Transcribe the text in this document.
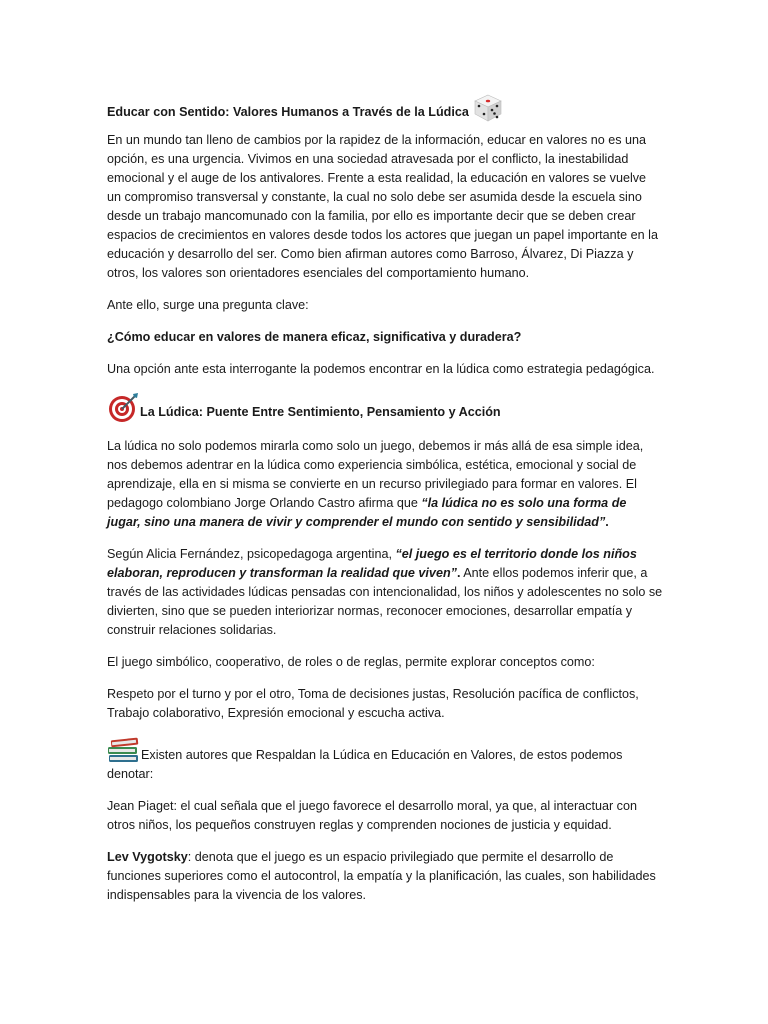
Educar con Sentido: Valores Humanos a Través de la Lúdica

En un mundo tan lleno de cambios por la rapidez de la información, educar en valores no es una opción, es una urgencia. Vivimos en una sociedad atravesada por el conflicto, la inestabilidad emocional y el auge de los antivalores. Frente a esta realidad, la educación en valores se vuelve un compromiso transversal y constante, la cual no solo debe ser asumida desde la escuela sino desde un trabajo mancomunado con la familia, por ello es importante decir que se deben crear espacios de crecimientos en valores desde todos los actores que juegan un papel importante en la educación y desarrollo del ser. Como bien afirman autores como Barroso, Álvarez, Di Piazza y otros, los valores son orientadores esenciales del comportamiento humano.

Ante ello, surge una pregunta clave:

¿Cómo educar en valores de manera eficaz, significativa y duradera?

Una opción ante esta interrogante la podemos encontrar en la lúdica como estrategia pedagógica.

La Lúdica: Puente Entre Sentimiento, Pensamiento y Acción

La lúdica no solo podemos mirarla como solo un juego, debemos ir más allá de esa simple idea, nos debemos adentrar en la lúdica como experiencia simbólica, estética, emocional y social de aprendizaje, ella en si misma se convierte en un recurso privilegiado para formar en valores. El pedagogo colombiano Jorge Orlando Castro afirma que “la lúdica no es solo una forma de jugar, sino una manera de vivir y comprender el mundo con sentido y sensibilidad”.

Según Alicia Fernández, psicopedagoga argentina, “el juego es el territorio donde los niños elaboran, reproducen y transforman la realidad que viven”. Ante ellos podemos inferir que, a través de las actividades lúdicas pensadas con intencionalidad, los niños y adolescentes no solo se divierten, sino que se pueden interiorizar normas, reconocer emociones, desarrollar empatía y construir relaciones solidarias.

El juego simbólico, cooperativo, de roles o de reglas, permite explorar conceptos como:

Respeto por el turno y por el otro, Toma de decisiones justas, Resolución pacífica de conflictos, Trabajo colaborativo, Expresión emocional y escucha activa.

Existen autores que Respaldan la Lúdica en Educación en Valores, de estos podemos denotar:

Jean Piaget: el cual señala que el juego favorece el desarrollo moral, ya que, al interactuar con otros niños, los pequeños construyen reglas y comprenden nociones de justicia y equidad.

Lev Vygotsky: denota que el juego es un espacio privilegiado que permite el desarrollo de funciones superiores como el autocontrol, la empatía y la planificación, las cuales, son habilidades indispensables para la vivencia de los valores.
